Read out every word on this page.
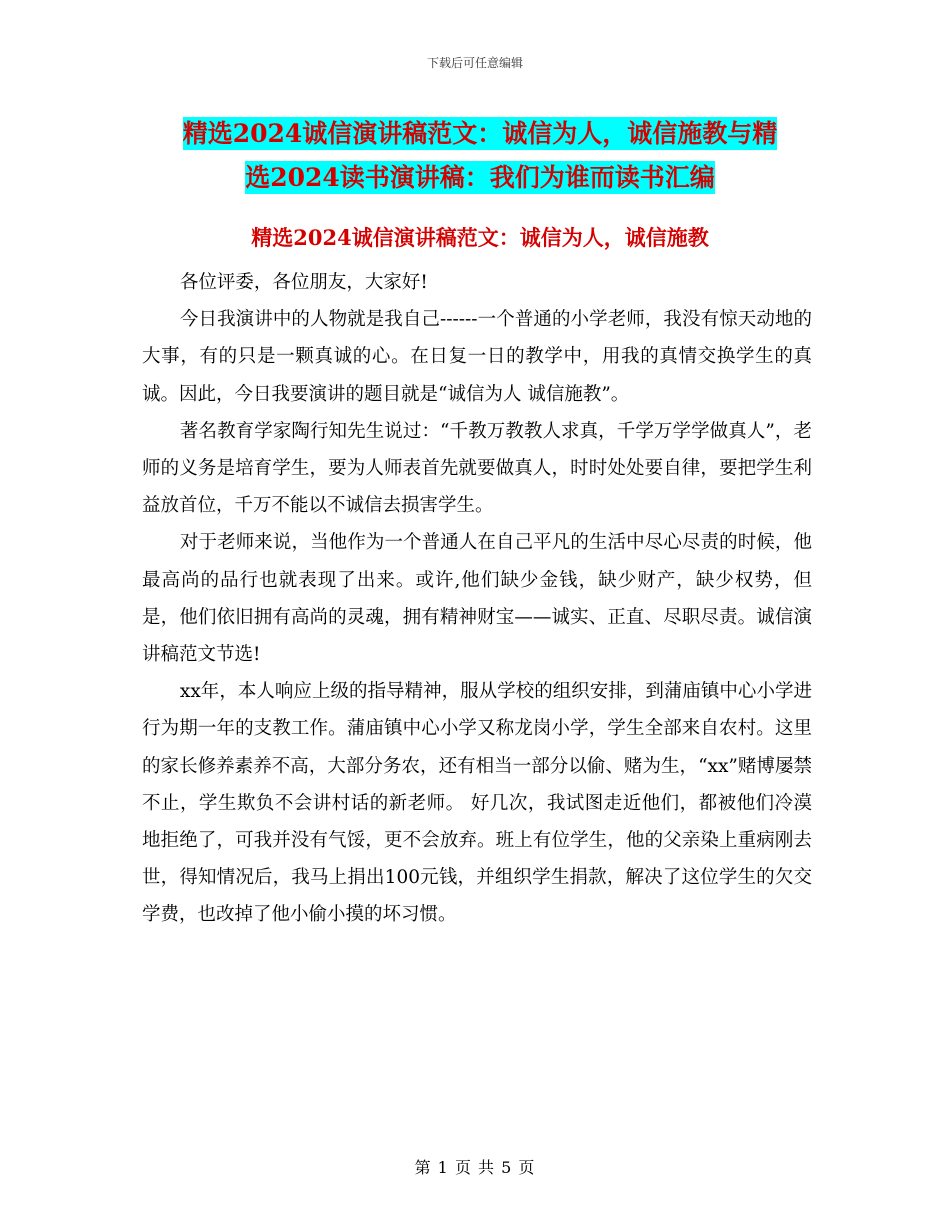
下载后可任意编辑
精选2024诚信演讲稿范文：诚信为人，诚信施教与精
选2024读书演讲稿：我们为谁而读书汇编
精选2024诚信演讲稿范文：诚信为人，诚信施教

各位评委，各位朋友，大家好!

今日我演讲中的人物就是我自己------一个普通的小学老师，我没有惊天动地的大事，有的只是一颗真诚的心。在日复一日的教学中，用我的真情交换学生的真诚。因此，今日我要演讲的题目就是“诚信为人 诚信施教”。

著名教育学家陶行知先生说过：“千教万教教人求真，千学万学学做真人”，老师的义务是培育学生，要为人师表首先就要做真人，时时处处要自律，要把学生利益放首位，千万不能以不诚信去损害学生。

对于老师来说，当他作为一个普通人在自己平凡的生活中尽心尽责的时候，他最高尚的品行也就表现了出来。或许,他们缺少金钱，缺少财产，缺少权势，但是，他们依旧拥有高尚的灵魂，拥有精神财宝——诚实、正直、尽职尽责。诚信演讲稿范文节选!

xx年，本人响应上级的指导精神，服从学校的组织安排，到蒲庙镇中心小学进行为期一年的支教工作。蒲庙镇中心小学又称龙岗小学，学生全部来自农村。这里的家长修养素养不高，大部分务农，还有相当一部分以偷、赌为生，“xx”赌博屡禁不止，学生欺负不会讲村话的新老师。 好几次，我试图走近他们，都被他们冷漠地拒绝了，可我并没有气馁，更不会放弃。班上有位学生，他的父亲染上重病刚去世，得知情况后，我马上捐出100元钱，并组织学生捐款，解决了这位学生的欠交学费，也改掉了他小偷小摸的坏习惯。

第 1 页 共 5 页
